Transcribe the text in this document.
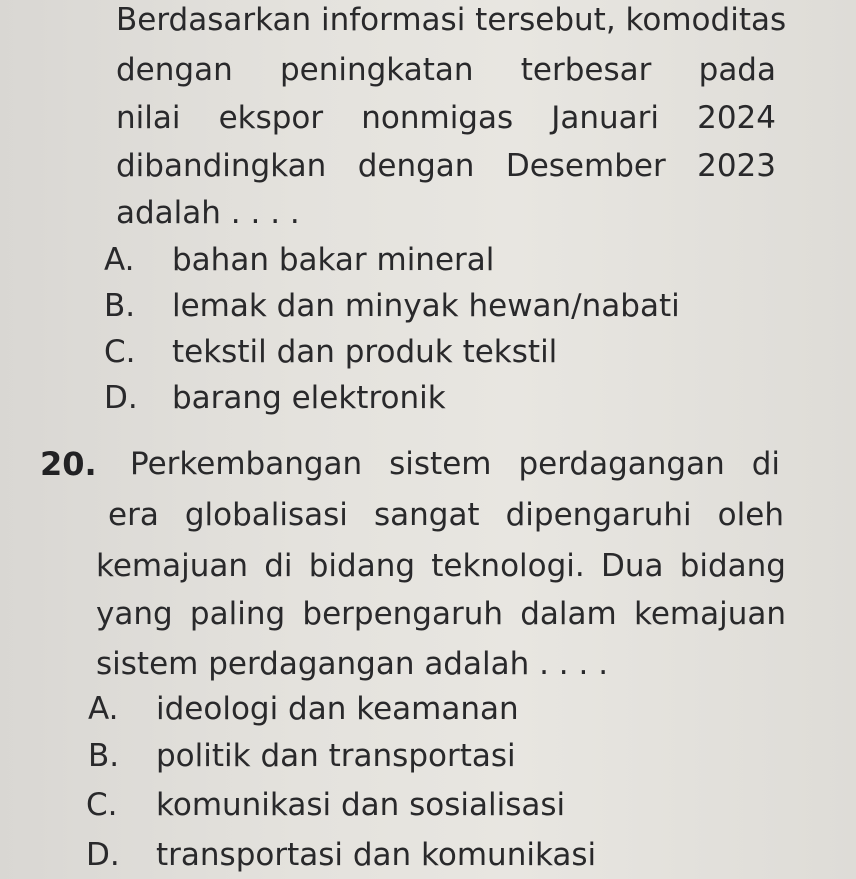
Berdasarkan informasi tersebut, komoditas
dengan peningkatan terbesar pada
nilai ekspor nonmigas Januari 2024
dibandingkan dengan Desember 2023
adalah . . . .
A. bahan bakar mineral
B. lemak dan minyak hewan/nabati
C. tekstil dan produk tekstil
D. barang elektronik
20. Perkembangan sistem perdagangan di
era globalisasi sangat dipengaruhi oleh
kemajuan di bidang teknologi. Dua bidang
yang paling berpengaruh dalam kemajuan
sistem perdagangan adalah . . . .
A. ideologi dan keamanan
B. politik dan transportasi
C. komunikasi dan sosialisasi
D. transportasi dan komunikasi
